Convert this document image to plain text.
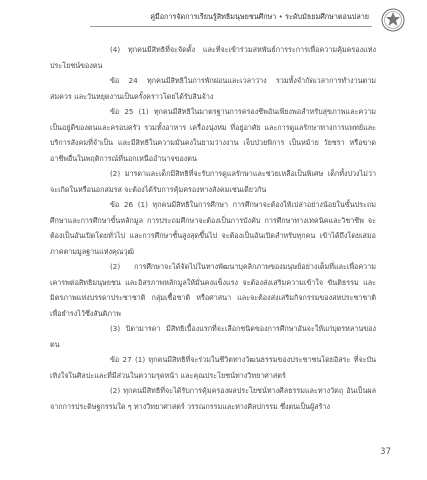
คู่มือการจัดการเรียนรู้สิทธิมนุษยชนศึกษา • ระดับมัธยมศึกษาตอนปลาย

(4) ทุกคนมีสิทธิที่จะจัดตั้ง และที่จะเข้าร่วมสหพันธ์การระการเพื่อความคุ้มครองแห่งประโยชน์ของตน

ข้อ 24 ทุกคนมีสิทธิในการพักผ่อนและเวลาว่าง รวมทั้งจำกัดเวลาการทำงานตามสมควร และวันหยุดงานเป็นครั้งคราวโดยได้รับสินจ้าง

ข้อ 25 (1) ทุกคนมีสิทธิในมาตรฐานการครองชีพอันเพียงพอสำหรับสุขภาพและความเป็นอยู่ดีของตนและครอบครัว รวมทั้งอาหาร เครื่องนุ่งห่ม ที่อยู่อาศัย และการดูแลรักษาทางการแพทย์และบริการสังคมที่จำเป็น และมีสิทธิในความมั่นคงในยามว่างงาน เจ็บป่วยพิการ เป็นหม้าย วัยชรา หรือขาดอาชีพอื่นในพฤติการณ์ที่นอกเหนืออำนาจของตน

(2) มารดาและเด็กมีสิทธิที่จะรับการดูแลรักษาและช่วยเหลือเป็นพิเศษ เด็กทั้งปวงไม่ว่าจะเกิดในหรือนอกสมรส จะต้องได้รับการคุ้มครองทางสังคมเช่นเดียวกัน

ข้อ 26 (1) ทุกคนมีสิทธิในการศึกษา การศึกษาจะต้องให้เปล่าอย่างน้อยในขั้นประถมศึกษาและการศึกษาขั้นหลักมูล การประถมศึกษาจะต้องเป็นการบังคับ การศึกษาทางเทคนิคและวิชาชีพ จะต้องเป็นอันเปิดโดยทั่วไป และการศึกษาชั้นสูงสุดขึ้นไป จะต้องเป็นอันเปิดสำหรับทุกคน เข้าได้ถึงโดยเสมอภาคตามมูลฐานแห่งคุณวุฒิ

(2) การศึกษาจะได้จัดไปในทางพัฒนาบุคลิกภาพของมนุษย์อย่างเต็มที่และเพื่อความเคารพต่อสิทธิมนุษยชน และอิสรภาพหลักมูลให้มั่นคงแข็งแรง จะต้องส่งเสริมความเข้าใจ ขันติธรรม และมิตรภาพแห่งบรรดาประชาชาติ กลุ่มเชื้อชาติ หรือศาสนา และจะต้องส่งเสริมกิจกรรมของสหประชาชาติ เพื่อธำรงไว้ซึ่งสันติภาพ

(3) บิดามารดา มีสิทธิเบื้องแรกที่จะเลือกชนิดของการศึกษาอันจะให้แก่บุตรหลานของตน

ข้อ 27 (1) ทุกคนมีสิทธิที่จะร่วมในชีวิตทางวัฒนธรรมของประชาชนโดยอิสระ ที่จะบันเทิงใจในศิลปะและที่มีส่วนในความรุดหน้า และคุณประโยชน์ทางวิทยาศาสตร์

(2) ทุกคนมีสิทธิที่จะได้รับการคุ้มครองผลประโยชน์ทางศีลธรรมและทางวัตถุ อันเป็นผลจากการประดิษฐกรรมใด ๆ ทางวิทยาศาสตร์ วรรณกรรมและทางศิลปกรรม ซึ่งตนเป็นผู้สร้าง

37
